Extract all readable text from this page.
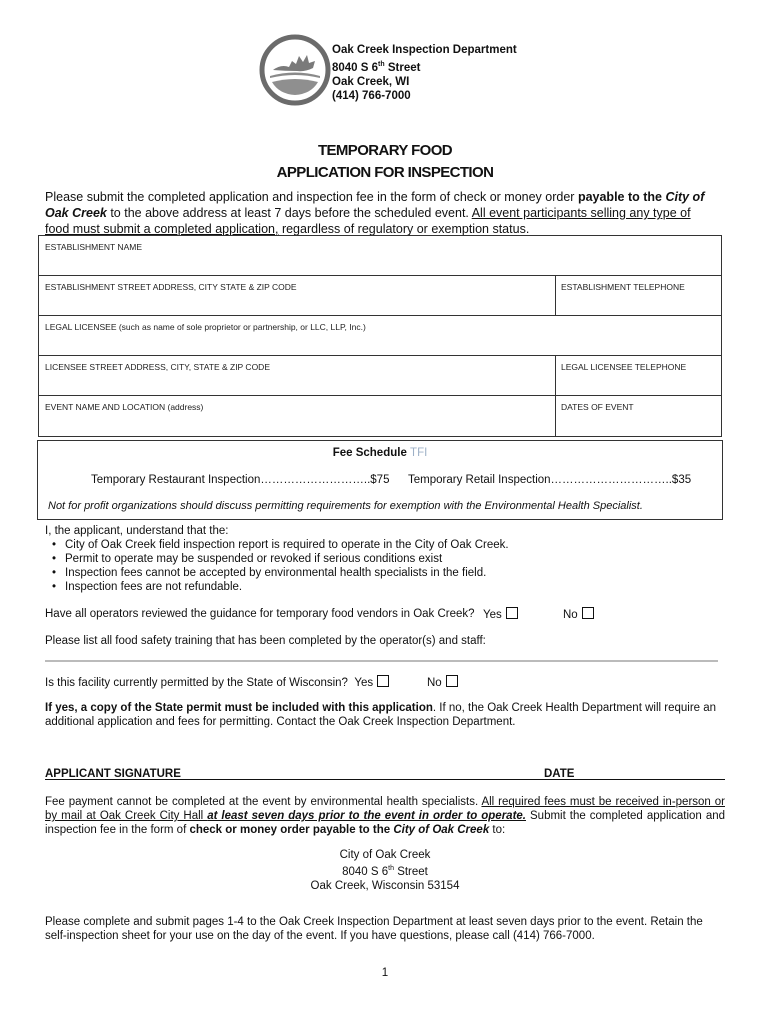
Oak Creek Inspection Department
8040 S 6th Street
Oak Creek, WI
(414) 766-7000
TEMPORARY FOOD
APPLICATION FOR INSPECTION
Please submit the completed application and inspection fee in the form of check or money order payable to the City of Oak Creek to the above address at least 7 days before the scheduled event. All event participants selling any type of food must submit a completed application, regardless of regulatory or exemption status.
ESTABLISHMENT NAME
ESTABLISHMENT STREET ADDRESS, CITY STATE & ZIP CODE	ESTABLISHMENT TELEPHONE
LEGAL LICENSEE (such as name of sole proprietor or partnership, or LLC, LLP, Inc.)
LICENSEE STREET ADDRESS, CITY, STATE & ZIP CODE	LEGAL LICENSEE TELEPHONE
EVENT NAME AND LOCATION (address)	DATES OF EVENT
Fee Schedule TFI
Temporary Restaurant Inspection………………………..$75 Temporary Retail Inspection…………………………..$35
Not for profit organizations should discuss permitting requirements for exemption with the Environmental Health Specialist.
I, the applicant, understand that the:
• City of Oak Creek field inspection report is required to operate in the City of Oak Creek.
• Permit to operate may be suspended or revoked if serious conditions exist
• Inspection fees cannot be accepted by environmental health specialists in the field.
• Inspection fees are not refundable.
Have all operators reviewed the guidance for temporary food vendors in Oak Creek? Yes	No
Please list all food safety training that has been completed by the operator(s) and staff:
Is this facility currently permitted by the State of Wisconsin? Yes	No
If yes, a copy of the State permit must be included with this application. If no, the Oak Creek Health Department will require an additional application and fees for permitting. Contact the Oak Creek Inspection Department.
APPLICANT SIGNATURE	DATE
Fee payment cannot be completed at the event by environmental health specialists. All required fees must be received in-person or by mail at Oak Creek City Hall at least seven days prior to the event in order to operate. Submit the completed application and inspection fee in the form of check or money order payable to the City of Oak Creek to:
City of Oak Creek
8040 S 6th Street
Oak Creek, Wisconsin 53154
Please complete and submit pages 1-4 to the Oak Creek Inspection Department at least seven days prior to the event. Retain the self-inspection sheet for your use on the day of the event. If you have questions, please call (414) 766-7000.
1
